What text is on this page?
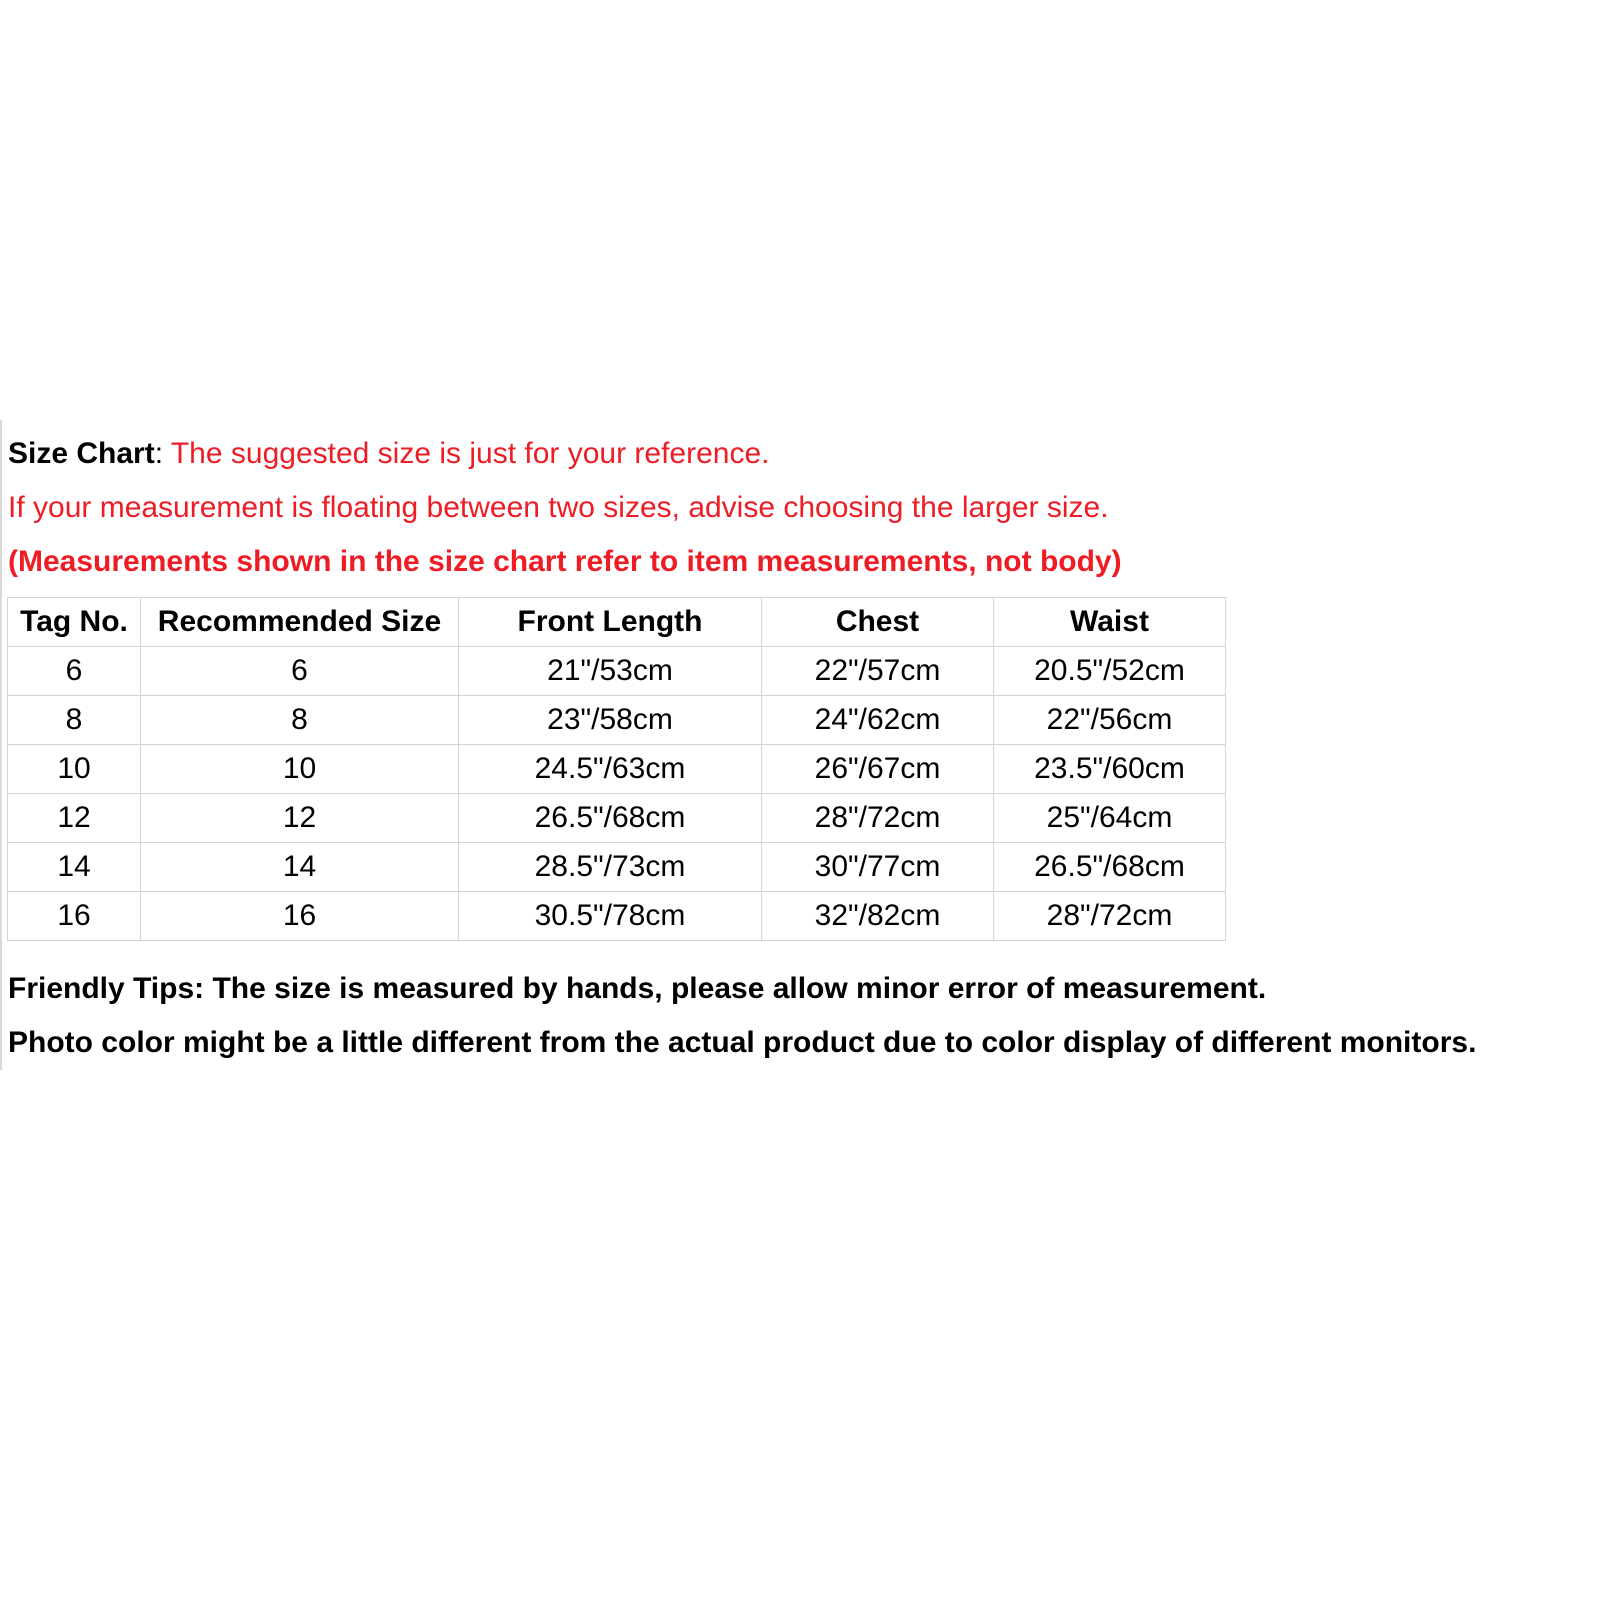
Size Chart: The suggested size is just for your reference.
If your measurement is floating between two sizes, advise choosing the larger size.
(Measurements shown in the size chart refer to item measurements, not body)
Tag No.	Recommended Size	Front Length	Chest	Waist
6	6	21"/53cm	22"/57cm	20.5"/52cm
8	8	23"/58cm	24"/62cm	22"/56cm
10	10	24.5"/63cm	26"/67cm	23.5"/60cm
12	12	26.5"/68cm	28"/72cm	25"/64cm
14	14	28.5"/73cm	30"/77cm	26.5"/68cm
16	16	30.5"/78cm	32"/82cm	28"/72cm
Friendly Tips: The size is measured by hands, please allow minor error of measurement.
Photo color might be a little different from the actual product due to color display of different monitors.
